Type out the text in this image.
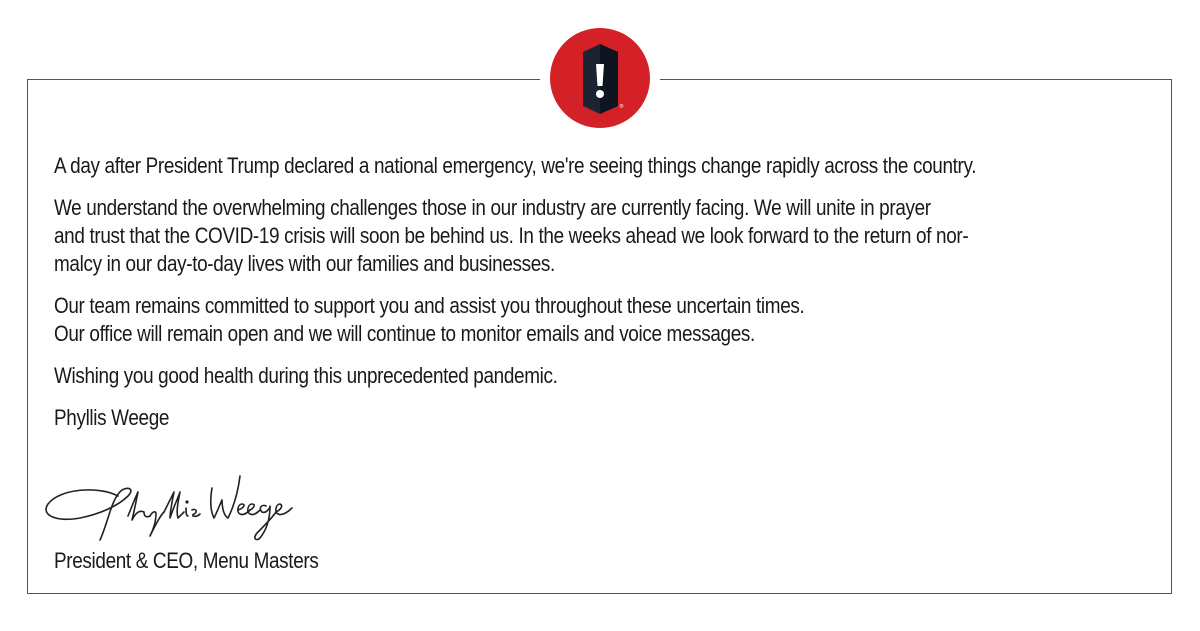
®

A day after President Trump declared a national emergency, we're seeing things change rapidly across the country.

We understand the overwhelming challenges those in our industry are currently facing. We will unite in prayer
and trust that the COVID-19 crisis will soon be behind us. In the weeks ahead we look forward to the return of nor-
malcy in our day-to-day lives with our families and businesses.

Our team remains committed to support you and assist you throughout these uncertain times.
Our office will remain open and we will continue to monitor emails and voice messages.

Wishing you good health during this unprecedented pandemic.

Phyllis Weege

Phyllis Weege
President & CEO, Menu Masters
